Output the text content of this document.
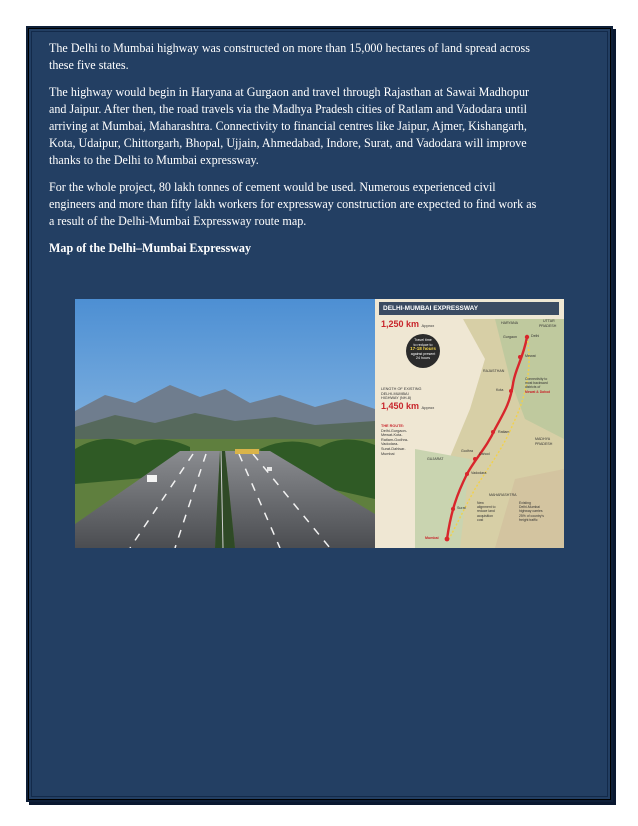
The Delhi to Mumbai highway was constructed on more than 15,000 hectares of land spread across these five states.

The highway would begin in Haryana at Gurgaon and travel through Rajasthan at Sawai Madhopur and Jaipur. After then, the road travels via the Madhya Pradesh cities of Ratlam and Vadodara until arriving at Mumbai, Maharashtra. Connectivity to financial centres like Jaipur, Ajmer, Kishangarh, Kota, Udaipur, Chittorgarh, Bhopal, Ujjain, Ahmedabad, Indore, Surat, and Vadodara will improve thanks to the Delhi to Mumbai expressway.

For the whole project, 80 lakh tonnes of cement would be used. Numerous experienced civil engineers and more than fifty lakh workers for expressway construction are expected to find work as a result of the Delhi-Mumbai Expressway route map.

Map of the Delhi–Mumbai Expressway

DELHI-MUMBAI EXPRESSWAY
1,250 km Approx
Travel time
to reduce to
17-18 hours
against present
24 hours
LENGTH OF EXISTING
DELHI-MUMBAI
HIGHWAY (NH-8)
1,450 km Approx
THE ROUTE:
Delhi-Gurgaon-
Mewat-Kota-
Ratlam-Godhra-
Vadodara-
Surat-Dahisar-
Mumbai
HARYANA	UTTAR
PRADESH
RAJASTHAN
MADHYA
PRADESH
GUJARAT
MAHARASHTRA
Delhi
Gurgaon
Mewat
Kota
Ratlam
Godhra
Dahod
Vadodara
Surat
Mumbai
Connectivity to
most backward
districts of
Mewat & Dahod
New
alignment to
reduce land
acquisition
cost
Existing
Delhi-Mumbai
highway carries
25% of country's
freight traffic
